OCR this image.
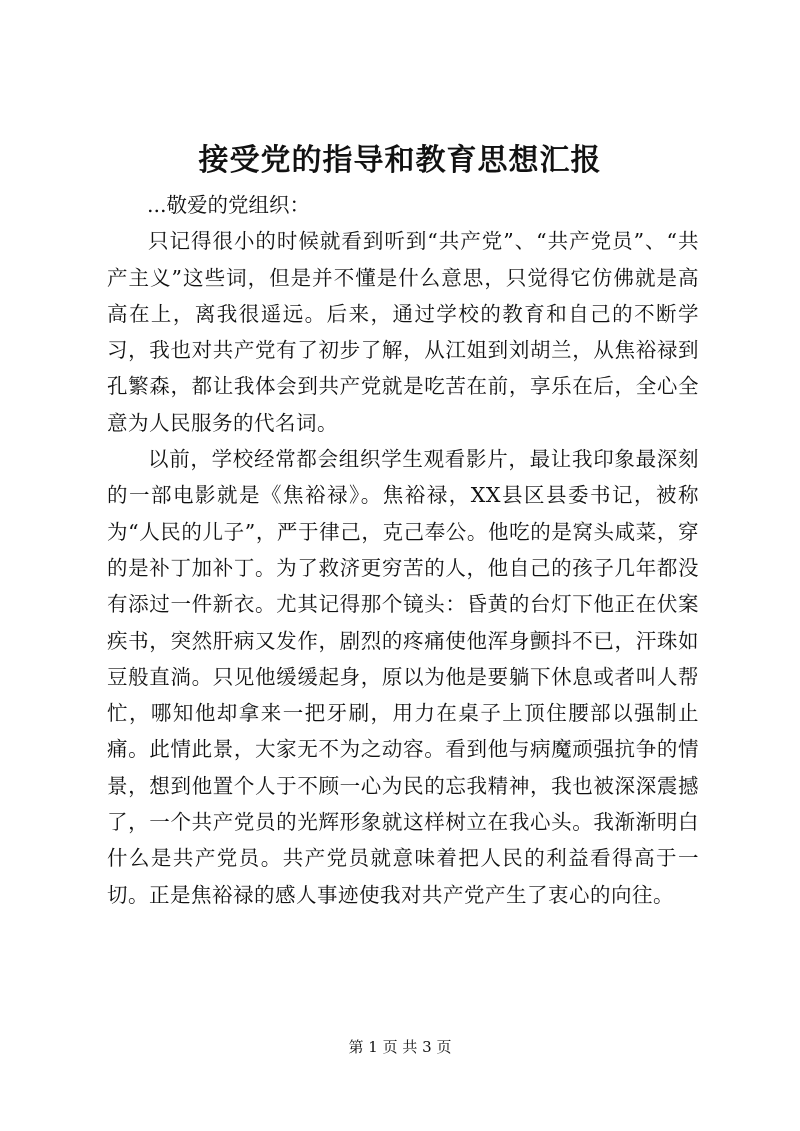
接受党的指导和教育思想汇报

...敬爱的党组织：

只记得很小的时候就看到听到“共产党”、“共产党员”、“共产主义”这些词，但是并不懂是什么意思，只觉得它仿佛就是高高在上，离我很遥远。后来，通过学校的教育和自己的不断学习，我也对共产党有了初步了解，从江姐到刘胡兰，从焦裕禄到孔繁森，都让我体会到共产党就是吃苦在前，享乐在后，全心全意为人民服务的代名词。

以前，学校经常都会组织学生观看影片，最让我印象最深刻的一部电影就是《焦裕禄》。焦裕禄，XX县区县委书记，被称为“人民的儿子”，严于律己，克己奉公。他吃的是窝头咸菜，穿的是补丁加补丁。为了救济更穷苦的人，他自己的孩子几年都没有添过一件新衣。尤其记得那个镜头：昏黄的台灯下他正在伏案疾书，突然肝病又发作，剧烈的疼痛使他浑身颤抖不已，汗珠如豆般直淌。只见他缓缓起身，原以为他是要躺下休息或者叫人帮忙，哪知他却拿来一把牙刷，用力在桌子上顶住腰部以强制止痛。此情此景，大家无不为之动容。看到他与病魔顽强抗争的情景，想到他置个人于不顾一心为民的忘我精神，我也被深深震撼了，一个共产党员的光辉形象就这样树立在我心头。我渐渐明白什么是共产党员。共产党员就意味着把人民的利益看得高于一切。正是焦裕禄的感人事迹使我对共产党产生了衷心的向往。

第 1 页 共 3 页
